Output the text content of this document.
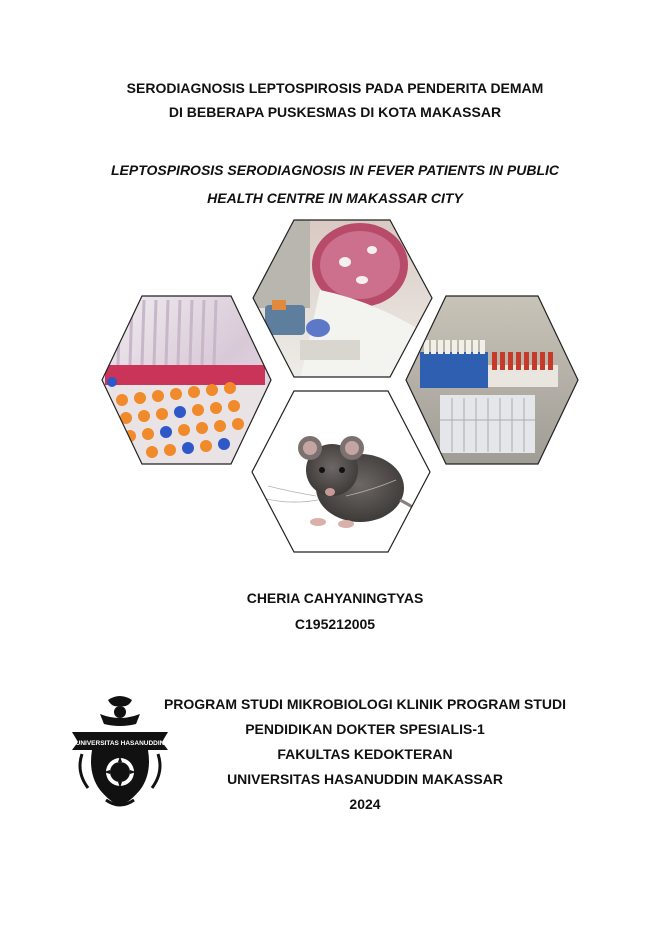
SERODIAGNOSIS LEPTOSPIROSIS PADA PENDERITA DEMAM
DI BEBERAPA PUSKESMAS DI KOTA MAKASSAR
LEPTOSPIROSIS SERODIAGNOSIS IN FEVER PATIENTS IN PUBLIC
HEALTH CENTRE IN MAKASSAR CITY
CHERIA CAHYANINGTYAS
C195212005
UNIVERSITAS HASANUDDIN
PROGRAM STUDI MIKROBIOLOGI KLINIK PROGRAM STUDI
PENDIDIKAN DOKTER SPESIALIS-1
FAKULTAS KEDOKTERAN
UNIVERSITAS HASANUDDIN MAKASSAR
2024
